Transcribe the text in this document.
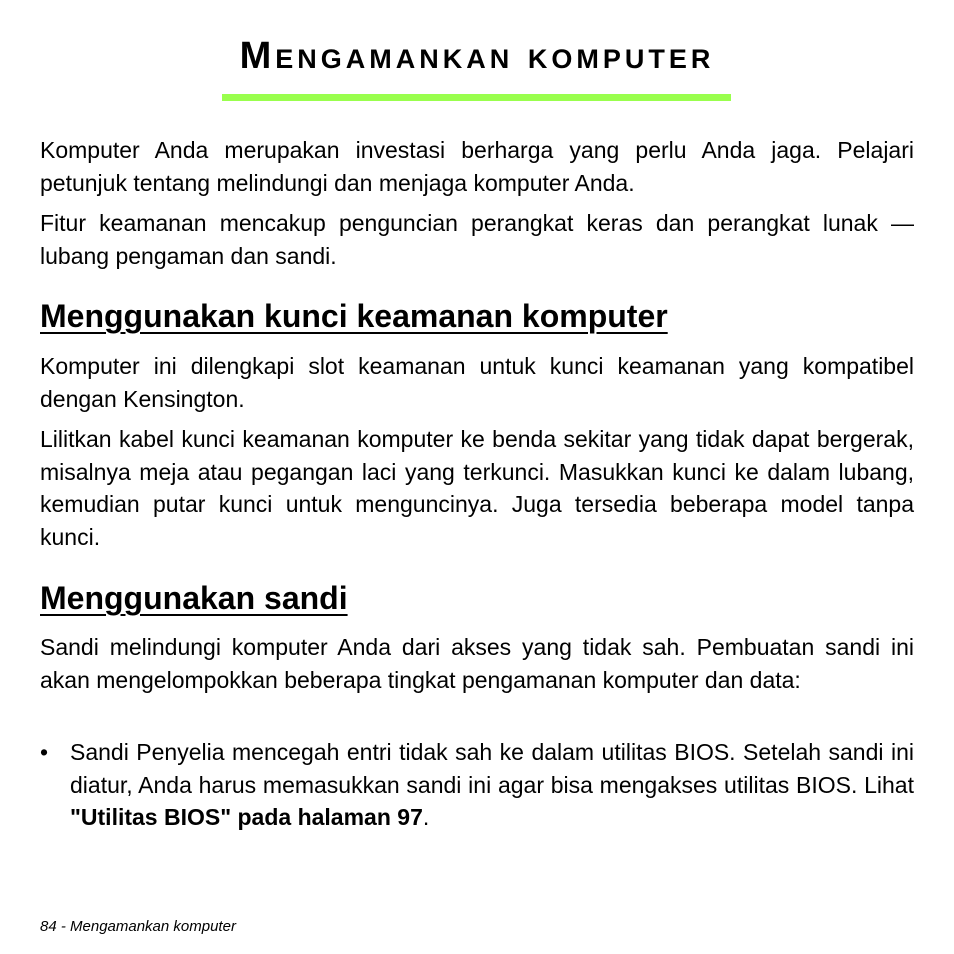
Mengamankan komputer

Komputer Anda merupakan investasi berharga yang perlu Anda jaga. Pelajari petunjuk tentang melindungi dan menjaga komputer Anda.

Fitur keamanan mencakup penguncian perangkat keras dan perangkat lunak — lubang pengaman dan sandi.

Menggunakan kunci keamanan komputer

Komputer ini dilengkapi slot keamanan untuk kunci keamanan yang kompatibel dengan Kensington.

Lilitkan kabel kunci keamanan komputer ke benda sekitar yang tidak dapat bergerak, misalnya meja atau pegangan laci yang terkunci. Masukkan kunci ke dalam lubang, kemudian putar kunci untuk menguncinya. Juga tersedia beberapa model tanpa kunci.

Menggunakan sandi

Sandi melindungi komputer Anda dari akses yang tidak sah. Pembuatan sandi ini akan mengelompokkan beberapa tingkat pengamanan komputer dan data:

• Sandi Penyelia mencegah entri tidak sah ke dalam utilitas BIOS. Setelah sandi ini diatur, Anda harus memasukkan sandi ini agar bisa mengakses utilitas BIOS. Lihat "Utilitas BIOS" pada halaman 97.
84 - Mengamankan komputer
